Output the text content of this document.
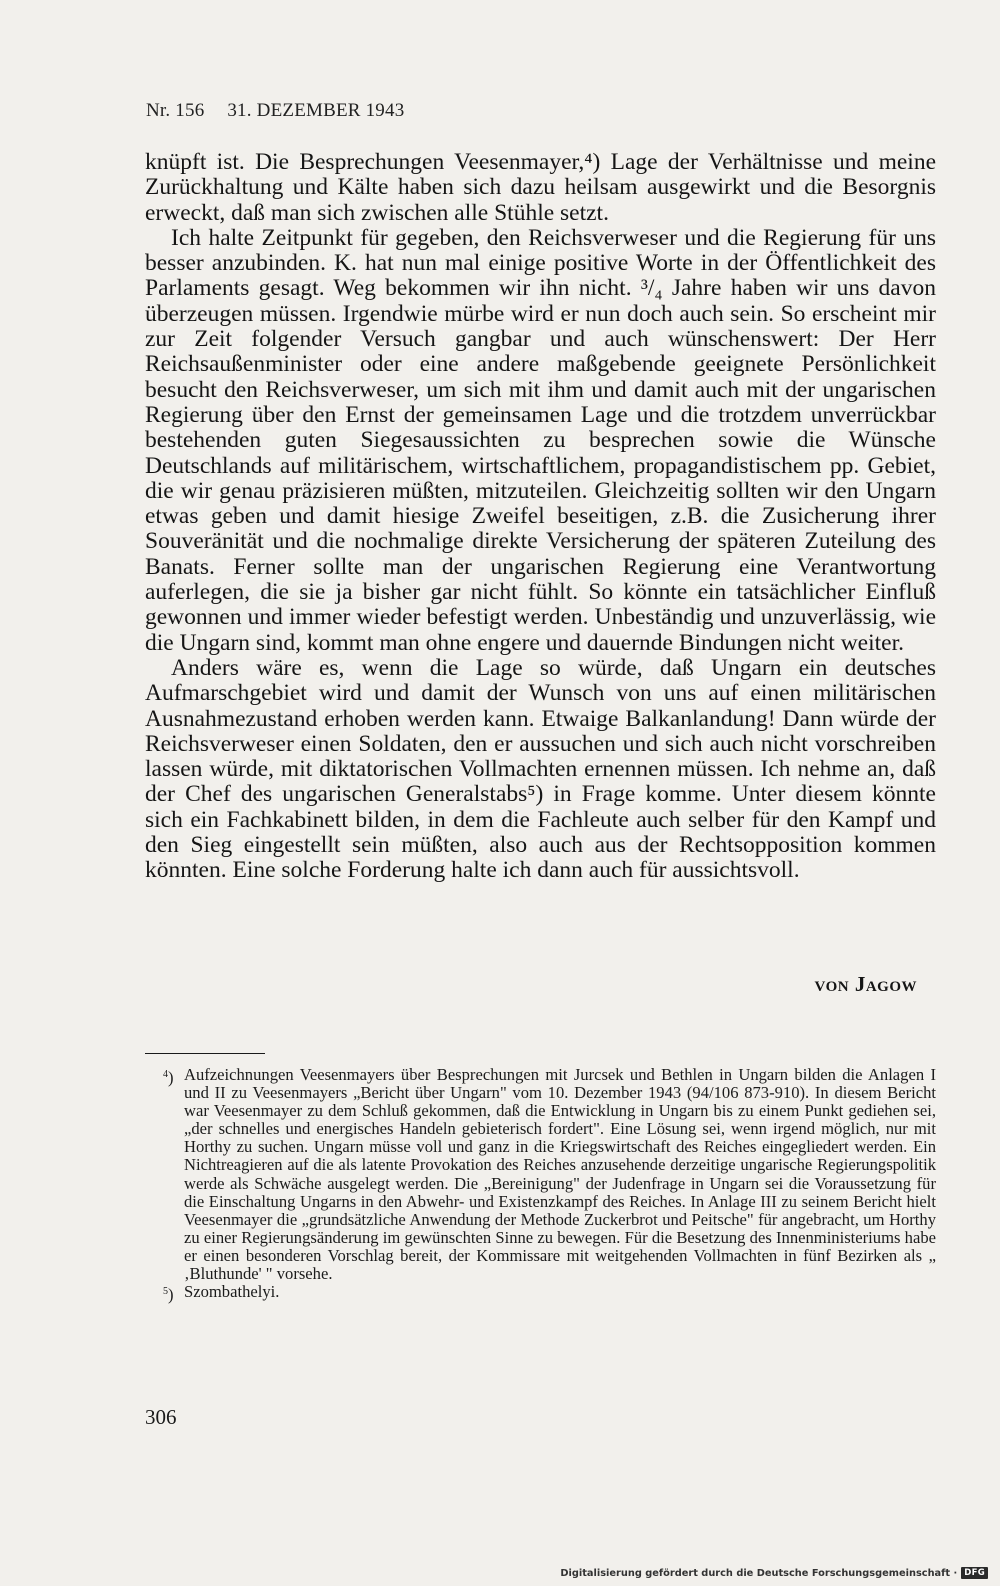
Nr. 156 31. DEZEMBER 1943

knüpft ist. Die Besprechungen Veesenmayer,⁴) Lage der Verhältnisse und meine Zurückhaltung und Kälte haben sich dazu heilsam ausgewirkt und die Besorgnis erweckt, daß man sich zwischen alle Stühle setzt.

Ich halte Zeitpunkt für gegeben, den Reichsverweser und die Regierung für uns besser anzubinden. K. hat nun mal einige positive Worte in der Öffentlichkeit des Parlaments gesagt. Weg bekommen wir ihn nicht. ³/₄ Jahre haben wir uns davon überzeugen müssen. Irgendwie mürbe wird er nun doch auch sein. So erscheint mir zur Zeit folgender Versuch gangbar und auch wünschenswert: Der Herr Reichsaußenminister oder eine andere maßgebende geeignete Persönlichkeit besucht den Reichsverweser, um sich mit ihm und damit auch mit der ungarischen Regierung über den Ernst der gemeinsamen Lage und die trotzdem unverrückbar bestehenden guten Siegesaussichten zu besprechen sowie die Wünsche Deutschlands auf militärischem, wirtschaftlichem, propagandistischem pp. Gebiet, die wir genau präzisieren müßten, mitzuteilen. Gleichzeitig sollten wir den Ungarn etwas geben und damit hiesige Zweifel beseitigen, z.B. die Zusicherung ihrer Souveränität und die nochmalige direkte Versicherung der späteren Zuteilung des Banats. Ferner sollte man der ungarischen Regierung eine Verantwortung auferlegen, die sie ja bisher gar nicht fühlt. So könnte ein tatsächlicher Einfluß gewonnen und immer wieder befestigt werden. Unbeständig und unzuverlässig, wie die Ungarn sind, kommt man ohne engere und dauernde Bindungen nicht weiter.

Anders wäre es, wenn die Lage so würde, daß Ungarn ein deutsches Aufmarschgebiet wird und damit der Wunsch von uns auf einen militärischen Ausnahmezustand erhoben werden kann. Etwaige Balkanlandung! Dann würde der Reichsverweser einen Soldaten, den er aussuchen und sich auch nicht vorschreiben lassen würde, mit diktatorischen Vollmachten ernennen müssen. Ich nehme an, daß der Chef des ungarischen Generalstabs⁵) in Frage komme. Unter diesem könnte sich ein Fachkabinett bilden, in dem die Fachleute auch selber für den Kampf und den Sieg eingestellt sein müßten, also auch aus der Rechtsopposition kommen könnten. Eine solche Forderung halte ich dann auch für aussichtsvoll.

von Jagow
$^4$) Aufzeichnungen Veesenmayers über Besprechungen mit Jurcsek und Bethlen in Ungarn bilden die Anlagen I und II zu Veesenmayers „Bericht über Ungarn" vom 10. Dezember 1943 (94/106 873-910). In diesem Bericht war Veesenmayer zu dem Schluß gekommen, daß die Entwicklung in Ungarn bis zu einem Punkt gediehen sei, „der schnelles und energisches Handeln gebieterisch fordert". Eine Lösung sei, wenn irgend möglich, nur mit Horthy zu suchen. Ungarn müsse voll und ganz in die Kriegswirtschaft des Reiches eingegliedert werden. Ein Nichtreagieren auf die als latente Provokation des Reiches anzusehende derzeitige ungarische Regierungspolitik werde als Schwäche ausgelegt werden. Die „Bereinigung" der Judenfrage in Ungarn sei die Voraussetzung für die Einschaltung Ungarns in den Abwehr- und Existenzkampf des Reiches. In Anlage III zu seinem Bericht hielt Veesenmayer die „grundsätzliche Anwendung der Methode Zuckerbrot und Peitsche" für angebracht, um Horthy zu einer Regierungsänderung im gewünschten Sinne zu bewegen. Für die Besetzung des Innenministeriums habe er einen besonderen Vorschlag bereit, der Kommissare mit weitgehenden Vollmachten in fünf Bezirken als „ ‚Bluthunde' " vorsehe.
$^5$) Szombathelyi.
306
Digitalisierung gefördert durch die Deutsche Forschungsgemeinschaft · DFG
